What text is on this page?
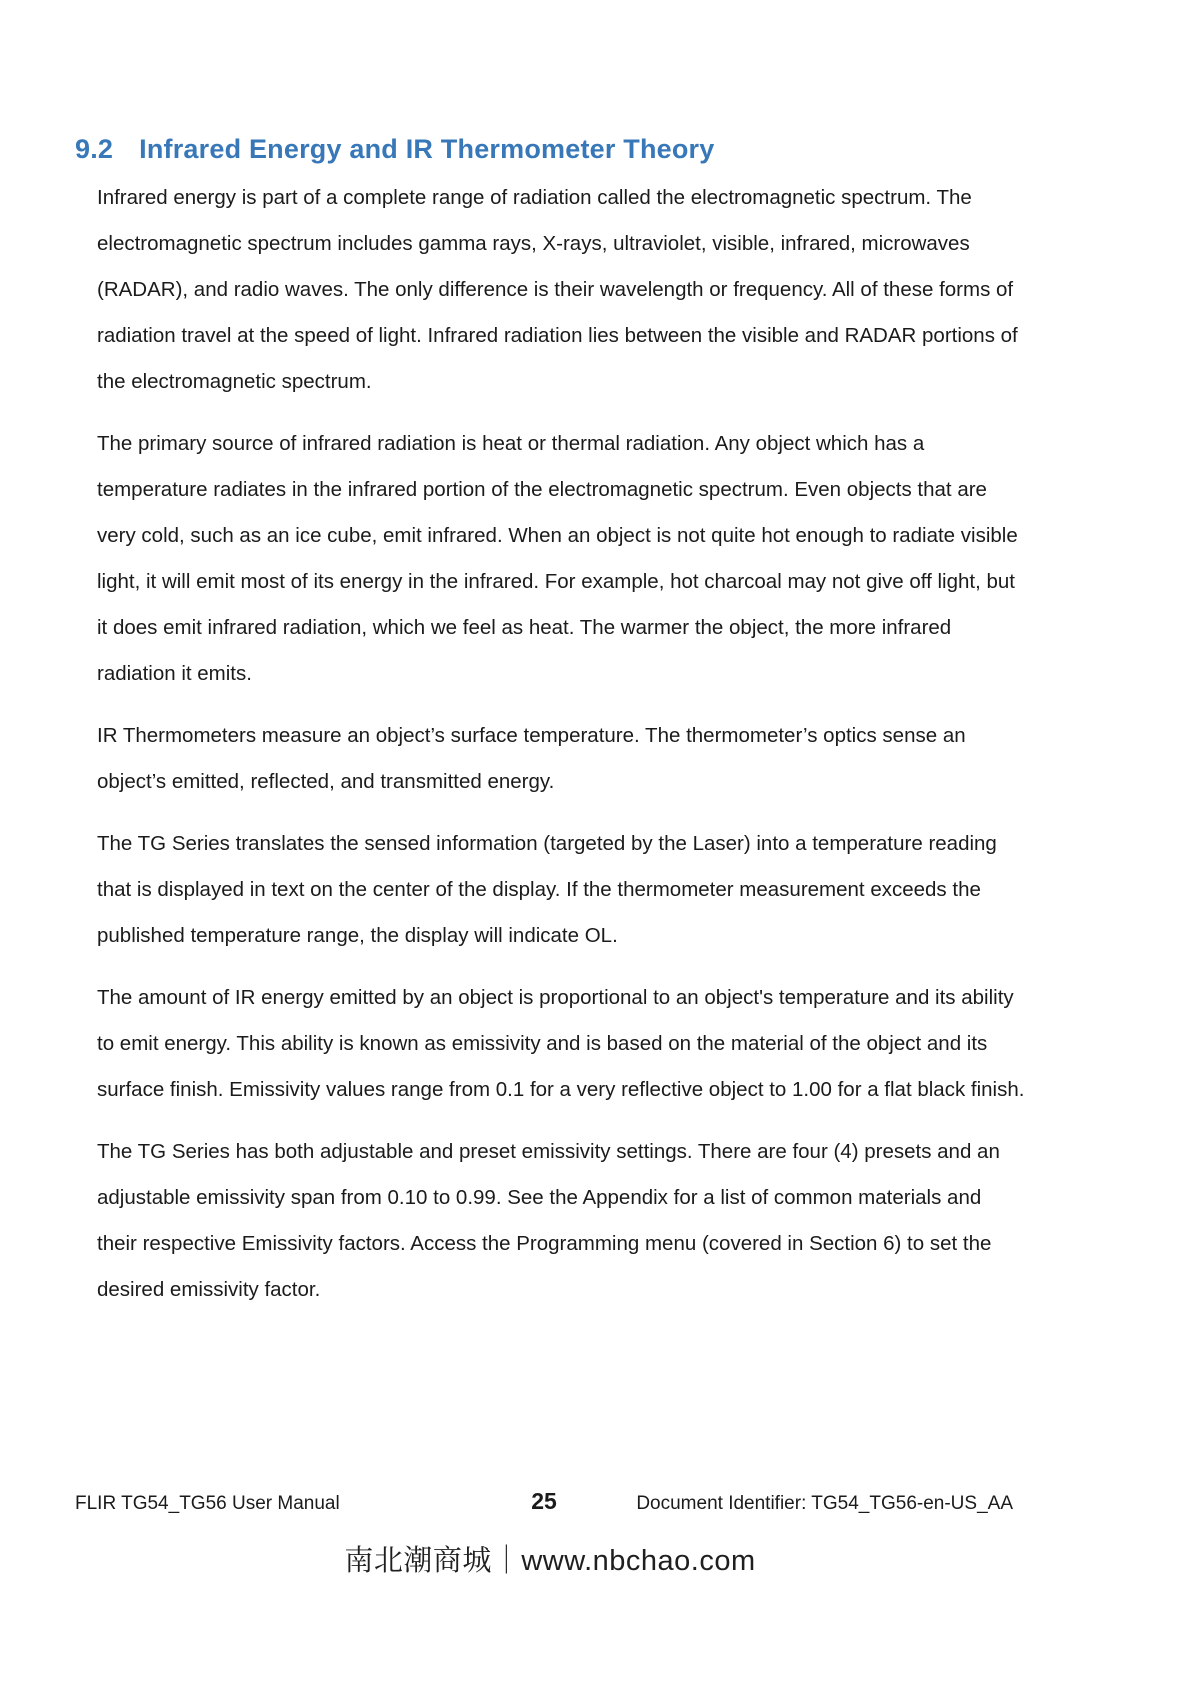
9.2 Infrared Energy and IR Thermometer Theory

Infrared energy is part of a complete range of radiation called the electromagnetic spectrum. The electromagnetic spectrum includes gamma rays, X-rays, ultraviolet, visible, infrared, microwaves (RADAR), and radio waves. The only difference is their wavelength or frequency. All of these forms of radiation travel at the speed of light. Infrared radiation lies between the visible and RADAR portions of the electromagnetic spectrum.

The primary source of infrared radiation is heat or thermal radiation. Any object which has a temperature radiates in the infrared portion of the electromagnetic spectrum. Even objects that are very cold, such as an ice cube, emit infrared. When an object is not quite hot enough to radiate visible light, it will emit most of its energy in the infrared. For example, hot charcoal may not give off light, but it does emit infrared radiation, which we feel as heat. The warmer the object, the more infrared radiation it emits.

IR Thermometers measure an object’s surface temperature. The thermometer’s optics sense an object’s emitted, reflected, and transmitted energy.

The TG Series translates the sensed information (targeted by the Laser) into a temperature reading that is displayed in text on the center of the display. If the thermometer measurement exceeds the published temperature range, the display will indicate OL.

The amount of IR energy emitted by an object is proportional to an object's temperature and its ability to emit energy. This ability is known as emissivity and is based on the material of the object and its surface finish. Emissivity values range from 0.1 for a very reflective object to 1.00 for a flat black finish.

The TG Series has both adjustable and preset emissivity settings. There are four (4) presets and an adjustable emissivity span from 0.10 to 0.99. See the Appendix for a list of common materials and their respective Emissivity factors. Access the Programming menu (covered in Section 6) to set the desired emissivity factor.

FLIR TG54_TG56 User Manual	25	Document Identifier: TG54_TG56-en-US_AA
南北潮商城｜www.nbchao.com
